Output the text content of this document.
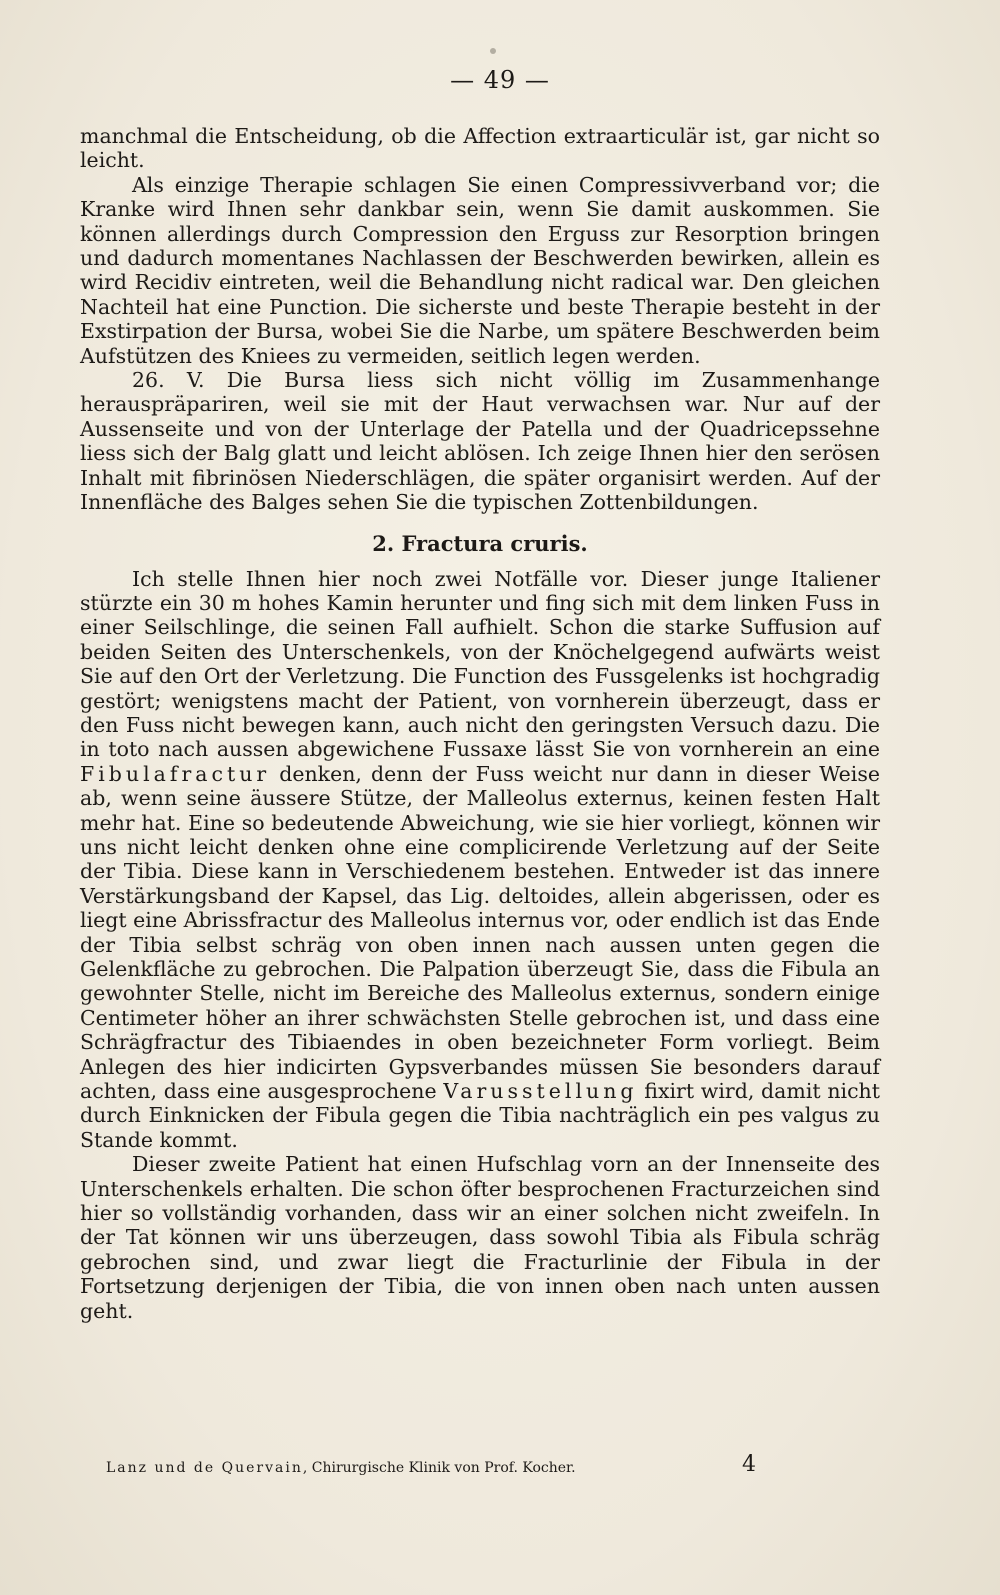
— 49 —

manchmal die Entscheidung, ob die Affection extraarticulär ist, gar nicht so leicht.

Als einzige Therapie schlagen Sie einen Compressivverband vor; die Kranke wird Ihnen sehr dankbar sein, wenn Sie damit auskommen. Sie können allerdings durch Compression den Erguss zur Resorption bringen und dadurch momentanes Nachlassen der Beschwerden bewirken, allein es wird Recidiv eintreten, weil die Behandlung nicht radical war. Den gleichen Nachteil hat eine Punction. Die sicherste und beste Therapie besteht in der Exstirpation der Bursa, wobei Sie die Narbe, um spätere Beschwerden beim Aufstützen des Kniees zu vermeiden, seitlich legen werden.

26. V. Die Bursa liess sich nicht völlig im Zusammenhange herauspräpariren, weil sie mit der Haut verwachsen war. Nur auf der Aussenseite und von der Unterlage der Patella und der Quadricepssehne liess sich der Balg glatt und leicht ablösen. Ich zeige Ihnen hier den serösen Inhalt mit fibrinösen Niederschlägen, die später organisirt werden. Auf der Innenfläche des Balges sehen Sie die typischen Zottenbildungen.

2. Fractura cruris.

Ich stelle Ihnen hier noch zwei Notfälle vor. Dieser junge Italiener stürzte ein 30 m hohes Kamin herunter und fing sich mit dem linken Fuss in einer Seilschlinge, die seinen Fall aufhielt. Schon die starke Suffusion auf beiden Seiten des Unterschenkels, von der Knöchelgegend aufwärts weist Sie auf den Ort der Verletzung. Die Function des Fussgelenks ist hochgradig gestört; wenigstens macht der Patient, von vornherein überzeugt, dass er den Fuss nicht bewegen kann, auch nicht den geringsten Versuch dazu. Die in toto nach aussen abgewichene Fussaxe lässt Sie von vornherein an eine Fibulafractur denken, denn der Fuss weicht nur dann in dieser Weise ab, wenn seine äussere Stütze, der Malleolus externus, keinen festen Halt mehr hat. Eine so bedeutende Abweichung, wie sie hier vorliegt, können wir uns nicht leicht denken ohne eine complicirende Verletzung auf der Seite der Tibia. Diese kann in Verschiedenem bestehen. Entweder ist das innere Verstärkungsband der Kapsel, das Lig. deltoides, allein abgerissen, oder es liegt eine Abrissfractur des Malleolus internus vor, oder endlich ist das Ende der Tibia selbst schräg von oben innen nach aussen unten gegen die Gelenkfläche zu gebrochen. Die Palpation überzeugt Sie, dass die Fibula an gewohnter Stelle, nicht im Bereiche des Malleolus externus, sondern einige Centimeter höher an ihrer schwächsten Stelle gebrochen ist, und dass eine Schrägfractur des Tibiaendes in oben bezeichneter Form vorliegt. Beim Anlegen des hier indicirten Gypsverbandes müssen Sie besonders darauf achten, dass eine ausgesprochene Varusstellung fixirt wird, damit nicht durch Einknicken der Fibula gegen die Tibia nachträglich ein pes valgus zu Stande kommt.

Dieser zweite Patient hat einen Hufschlag vorn an der Innenseite des Unterschenkels erhalten. Die schon öfter besprochenen Fracturzeichen sind hier so vollständig vorhanden, dass wir an einer solchen nicht zweifeln. In der Tat können wir uns überzeugen, dass sowohl Tibia als Fibula schräg gebrochen sind, und zwar liegt die Fracturlinie der Fibula in der Fortsetzung derjenigen der Tibia, die von innen oben nach unten aussen geht.

Lanz und de Quervain, Chirurgische Klinik von Prof. Kocher.	4
